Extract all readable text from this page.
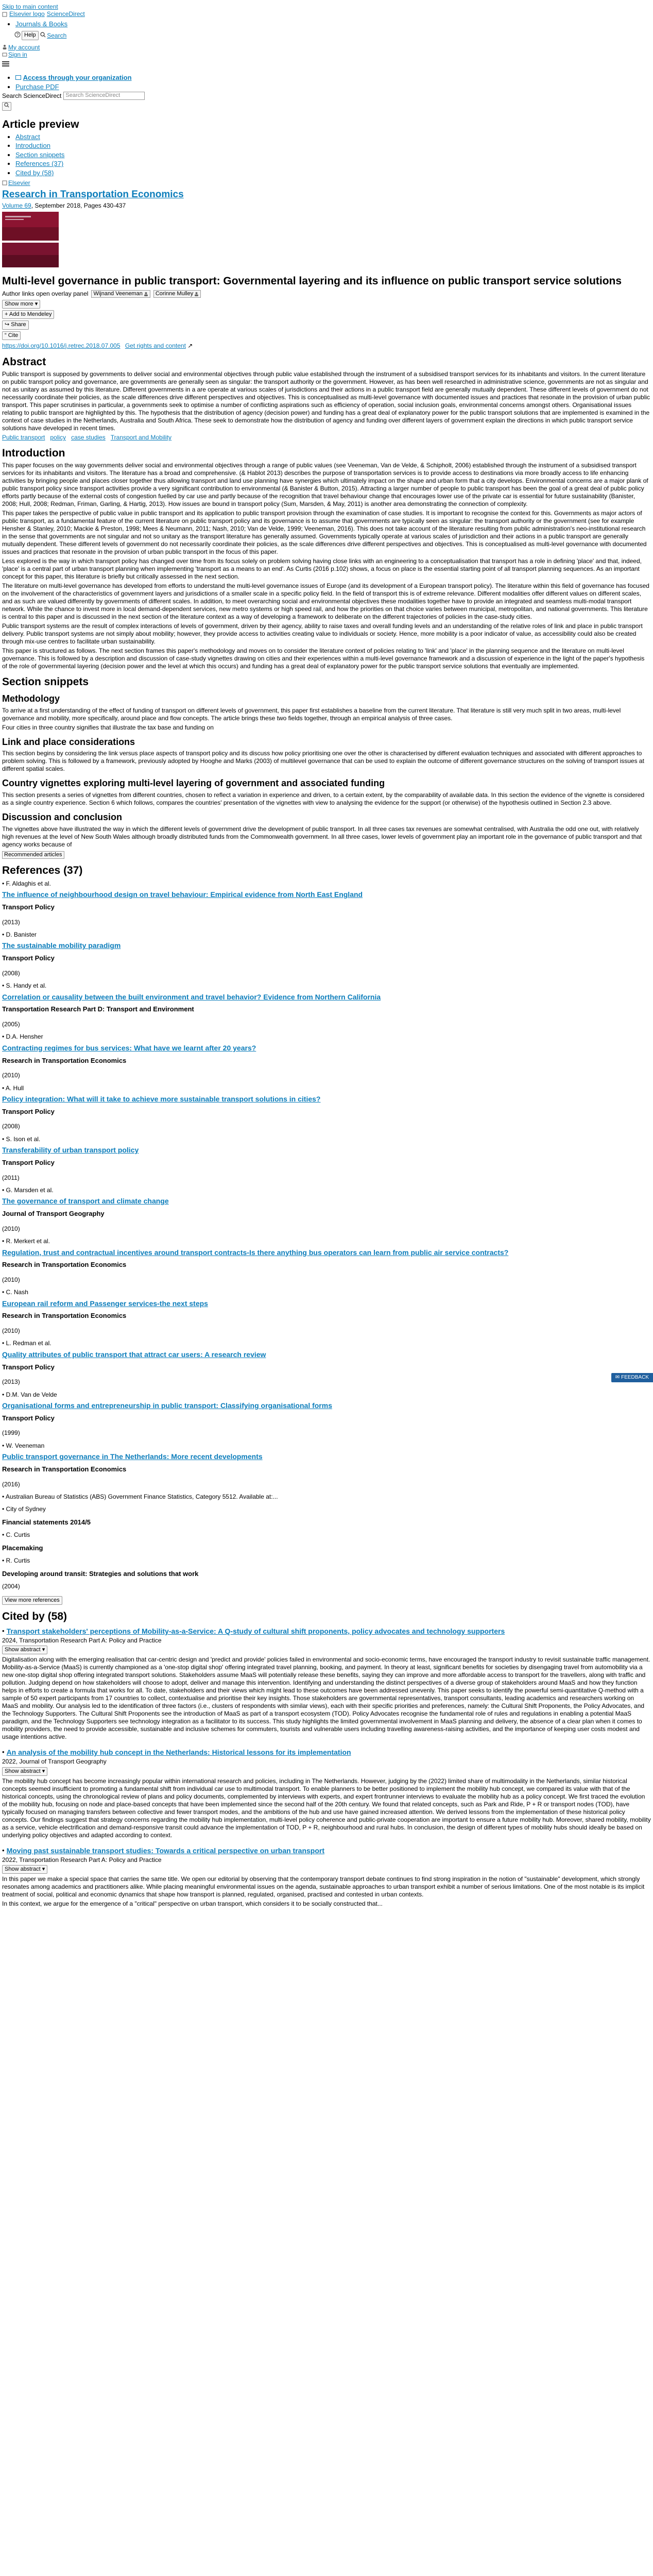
Skip to main content
Elsevier logo ScienceDirect
• Journals & Books
? Help
	Search
My account
Sign in
• Access through your organization
• Purchase PDF
Search ScienceDirect Search ScienceDirect
Article preview
• Abstract
• Introduction
• Section snippets
• References (37)
• Cited by (58)
Elsevier
Research in Transportation Economics
Volume 69, September 2018, Pages 430-437
Multi-level governance in public transport: Governmental layering and its influence on public transport service solutions
Author links open overlay panel Wijnand Veeneman Corinne Mulley
Show more ▾
+ Add to Mendeley
↪ Share
“ Cite
https://doi.org/10.1016/j.retrec.2018.07.005 Get rights and content ↗
Abstract

Public transport is supposed by governments to deliver social and environmental objectives through public value established through the instrument of a subsidised transport services for its inhabitants and visitors. In the current literature on public transport policy and governance, are governments are generally seen as singular: the transport authority or the government. However, as has been well researched in administrative science, governments are not as singular and not as unitary as assumed by this literature. Different governments in a are operate at various scales of jurisdictions and their actions in a public transport field are generally mutually dependent. These different levels of government do not necessarily coordinate their policies, as the scale differences drive different perspectives and objectives. This is conceptualised as multi-level governance with documented issues and practices that resonate in the provision of urban public transport. This paper scrutinises in particular, a governments seek to optimise a number of conflicting aspirations such as efficiency of operation, social inclusion goals, environmental concerns amongst others. Organisational issues relating to public transport are highlighted by this. The hypothesis that the distribution of agency (decision power) and funding has a great deal of explanatory power for the public transport solutions that are implemented is examined in the context of case studies in the Netherlands, Australia and South Africa. These seek to demonstrate how the distribution of agency and funding over different layers of government explain the directions in which public transport service solutions have developed in recent times.

Public transport policy case studies Transport and Mobility
Introduction

This paper focuses on the way governments deliver social and environmental objectives through a range of public values (see Veeneman, Van de Velde, & Schipholt, 2006) established through the instrument of a subsidised transport services for its inhabitants and visitors. The literature has a broad and comprehensive. (& Hablot 2013) describes the purpose of transportation services is to provide access to destinations via more broadly access to life enhancing activities by bringing people and places closer together thus allowing transport and land use planning have synergies which ultimately impact on the shape and urban form that a city develops. Environmental concerns are a major plank of public transport policy since transport activities provide a very significant contribution to environmental (& Banister & Button, 2015). Attracting a larger number of people to public transport has been the goal of a great deal of public policy efforts partly because of the external costs of congestion fuelled by car use and partly because of the recognition that travel behaviour change that encourages lower use of the private car is essential for future sustainability (Banister, 2008; Hull, 2008; Redman, Friman, Garling, & Hartig, 2013). How issues are bound in transport policy (Sum, Marsden, & May, 2011) is another area demonstrating the connection of complexity.

This paper takes the perspective of public value in public transport and its application to public transport provision through the examination of case studies. It is important to recognise the context for this. Governments as major actors of public transport, as a fundamental feature of the current literature on public transport policy and its governance is to assume that governments are typically seen as singular: the transport authority or the government (see for example Hensher & Stanley, 2010; Mackie & Preston, 1998; Mees & Neumann, 2011; Nash, 2010; Van de Velde, 1999; Veeneman, 2016). This does not take account of the literature resulting from public administration's neo-institutional research in the sense that governments are not singular and not so unitary as the transport literature has generally assumed. Governments typically operate at various scales of jurisdiction and their actions in a public transport are generally mutually dependent. These different levels of government do not necessarily coordinate their policies, as the scale differences drive different perspectives and objectives. This is conceptualised as multi-level governance with documented issues and practices that resonate in the provision of urban public transport in the focus of this paper.

Less explored is the way in which transport policy has changed over time from its focus solely on problem solving having close links with an engineering to a conceptualisation that transport has a role in defining 'place' and that, indeed, 'place' is a central part of urban transport planning when implementing 'transport as a means to an end'. As Curtis (2016 p.102) shows, a focus on place is the essential starting point of all transport planning sequences. As an important concept for this paper, this literature is briefly but critically assessed in the next section.

The literature on multi-level governance has developed from efforts to understand the multi-level governance issues of Europe (and its development of a European transport policy). The literature within this field of governance has focused on the involvement of the characteristics of government layers and jurisdictions of a smaller scale in a specific policy field. In the field of transport this is of extreme relevance. Different modalities offer different values on different scales, and as such are valued differently by governments of different scales. In addition, to meet overarching social and environmental objectives these modalities together have to provide an integrated and seamless multi-modal transport network. While the chance to invest more in local demand-dependent services, new metro systems or high speed rail, and how the priorities on that choice varies between municipal, metropolitan, and national governments. This literature is central to this paper and is discussed in the next section of the literature context as a way of developing a framework to deliberate on the different trajectories of policies in the case-study cities.

Public transport systems are the result of complex interactions of levels of government, driven by their agency, ability to raise taxes and overall funding levels and an understanding of the relative roles of link and place in public transport delivery. Public transport systems are not simply about mobility; however, they provide access to activities creating value to individuals or society. Hence, more mobility is a poor indicator of value, as accessibility could also be created through mix-use centres to facilitate urban sustainability.

This paper is structured as follows. The next section frames this paper's methodology and moves on to consider the literature context of policies relating to 'link' and 'place' in the planning sequence and the literature on multi-level governance. This is followed by a description and discussion of case-study vignettes drawing on cities and their experiences within a multi-level governance framework and a discussion of experience in the light of the paper's hypothesis of the role of governmental layering (decision power and the level at which this occurs) and funding has a great deal of explanatory power for the public transport service solutions that eventually are implemented.

Section snippets
Methodology

To arrive at a first understanding of the effect of funding of transport on different levels of government, this paper first establishes a baseline from the current literature. That literature is still very much split in two areas, multi-level governance and mobility, more specifically, around place and flow concepts. The article brings these two fields together, through an empirical analysis of three cases.

Four cities in three country signifies that illustrate the tax base and funding on

Link and place considerations

This section begins by considering the link versus place aspects of transport policy and its discuss how policy prioritising one over the other is characterised by different evaluation techniques and associated with different approaches to problem solving. This is followed by a framework, previously adopted by Hooghe and Marks (2003) of multilevel governance that can be used to explain the outcome of different governance structures on the solving of transport issues at different spatial scales.

Country vignettes exploring multi-level layering of government and associated funding

This section presents a series of vignettes from different countries, chosen to reflect a variation in experience and driven, to a certain extent, by the comparability of available data. In this section the evidence of the vignette is considered as a single country experience. Section 6 which follows, compares the countries' presentation of the vignettes with view to analysing the evidence for the support (or otherwise) of the hypothesis outlined in Section 2.3 above.

Discussion and conclusion

The vignettes above have illustrated the way in which the different levels of government drive the development of public transport. In all three cases tax revenues are somewhat centralised, with Australia the odd one out, with relatively high revenues at the level of New South Wales although broadly distributed funds from the Commonwealth government. In all three cases, lower levels of government play an important role in the governance of public transport and that agency works because of

Recommended articles
References (37)
• F. Aldaghis et al.
The influence of neighbourhood design on travel behaviour: Empirical evidence from North East England
Transport Policy
(2013)
• D. Banister
The sustainable mobility paradigm
Transport Policy
(2008)
• S. Handy et al.
Correlation or causality between the built environment and travel behavior? Evidence from Northern California
Transportation Research Part D: Transport and Environment
(2005)
• D.A. Hensher
Contracting regimes for bus services: What have we learnt after 20 years?
Research in Transportation Economics
(2010)
• A. Hull
Policy integration: What will it take to achieve more sustainable transport solutions in cities?
Transport Policy
(2008)
• S. Ison et al.
Transferability of urban transport policy
Transport Policy
(2011)
• G. Marsden et al.
The governance of transport and climate change
Journal of Transport Geography
(2010)
• R. Merkert et al.
Regulation, trust and contractual incentives around transport contracts-Is there anything bus operators can learn from public air service contracts?
Research in Transportation Economics
(2010)
• C. Nash
European rail reform and Passenger services-the next steps
Research in Transportation Economics
(2010)
• L. Redman et al.
Quality attributes of public transport that attract car users: A research review
Transport Policy
(2013)
• D.M. Van de Velde
Organisational forms and entrepreneurship in public transport: Classifying organisational forms
Transport Policy
(1999)
• W. Veeneman
Public transport governance in The Netherlands: More recent developments
Research in Transportation Economics
(2016)
• Australian Bureau of Statistics (ABS) Government Finance Statistics, Category 5512. Available at:...
• City of Sydney
Financial statements 2014/5
• C. Curtis
Placemaking
• R. Curtis
Developing around transit: Strategies and solutions that work
(2004)
View more references
Cited by (58)
• Transport stakeholders' perceptions of Mobility-as-a-Service: A Q-study of cultural shift proponents, policy advocates and technology supporters
2024, Transportation Research Part A: Policy and Practice
Show abstract ▾

Digitalisation along with the emerging realisation that car-centric design and 'predict and provide' policies failed in environmental and socio-economic terms, have encouraged the transport industry to revisit sustainable traffic management. Mobility-as-a-Service (MaaS) is currently championed as a 'one-stop digital shop' offering integrated travel planning, booking, and payment. In theory at least, significant benefits for societies by disengaging travel from automobility via a new one-stop digital shop offering integrated transport solutions. Stakeholders assume MaaS will potentially release these benefits, saying they can improve and more affordable access to transport for the travellers, along with traffic and pollution. Judging depend on how stakeholders will choose to adopt, deliver and manage this intervention. Identifying and understanding the distinct perspectives of a diverse group of stakeholders around MaaS and how they function helps in efforts to create a formula that works for all. To date, stakeholders and their views which might lead to these outcomes have been addressed unevenly. This paper seeks to identify the powerful semi-quantitative Q-method with a sample of 50 expert participants from 17 countries to collect, contextualise and prioritise their key insights. Those stakeholders are governmental representatives, transport consultants, leading academics and researchers working on MaaS and mobility. Our analysis led to the identification of three factors (i.e., clusters of respondents with similar views), each with their specific priorities and preferences, namely: the Cultural Shift Proponents, the Policy Advocates, and the Technology Supporters. The Cultural Shift Proponents see the introduction of MaaS as part of a transport ecosystem (TOD). Policy Advocates recognise the fundamental role of rules and regulations in enabling a potential MaaS paradigm, and the Technology Supporters see technology integration as a facilitator to its success. This study highlights the limited governmental involvement in MaaS planning and delivery, the absence of a clear plan when it comes to mobility providers, the need to provide accessible, sustainable and inclusive schemes for commuters, tourists and vulnerable users including travelling awareness-raising activities, and the importance of keeping user costs modest and usage intentions active.

• An analysis of the mobility hub concept in the Netherlands: Historical lessons for its implementation
2022, Journal of Transport Geography
Show abstract ▾

The mobility hub concept has become increasingly popular within international research and policies, including in The Netherlands. However, judging by the (2022) limited share of multimodality in the Netherlands, similar historical concepts seemed insufficient to promoting a fundamental shift from individual car use to multimodal transport. To enable planners to be better positioned to implement the mobility hub concept, we compared its value with that of the historical concepts, using the chronological review of plans and policy documents, complemented by interviews with experts, and expert frontrunner interviews to evaluate the mobility hub as a policy concept. We first traced the evolution of the mobility hub, focusing on node and place-based concepts that have been implemented since the second half of the 20th century. We found that related concepts, such as Park and Ride, P + R or transport nodes (TOD), have typically focused on managing transfers between collective and fewer transport modes, and the ambitions of the hub and use have gained increased attention. We derived lessons from the implementation of these historical policy concepts. Our findings suggest that strategy concerns regarding the mobility hub implementation, multi-level policy coherence and public-private cooperation are important to ensure a future mobility hub. Moreover, shared mobility, mobility as a service, vehicle electrification and demand-responsive transit could advance the implementation of TOD, P + R, neighbourhood and rural hubs. In conclusion, the design of different types of mobility hubs should ideally be based on underlying policy objectives and adapted according to context.

• Moving past sustainable transport studies: Towards a critical perspective on urban transport
2022, Transportation Research Part A: Policy and Practice
Show abstract ▾

In this paper we make a special space that carries the same title. We open our editorial by observing that the contemporary transport debate continues to find strong inspiration in the notion of "sustainable" development, which strongly resonates among academics and practitioners alike. While placing meaningful environmental issues on the agenda, sustainable approaches to urban transport exhibit a number of serious limitations. One of the most notable is its implicit treatment of social, political and economic dynamics that shape how transport is planned, regulated, organised, practised and contested in urban contexts.

In this context, we argue for the emergence of a "critical" perspective on urban transport, which considers it to be socially constructed that...

✉ FEEDBACK
